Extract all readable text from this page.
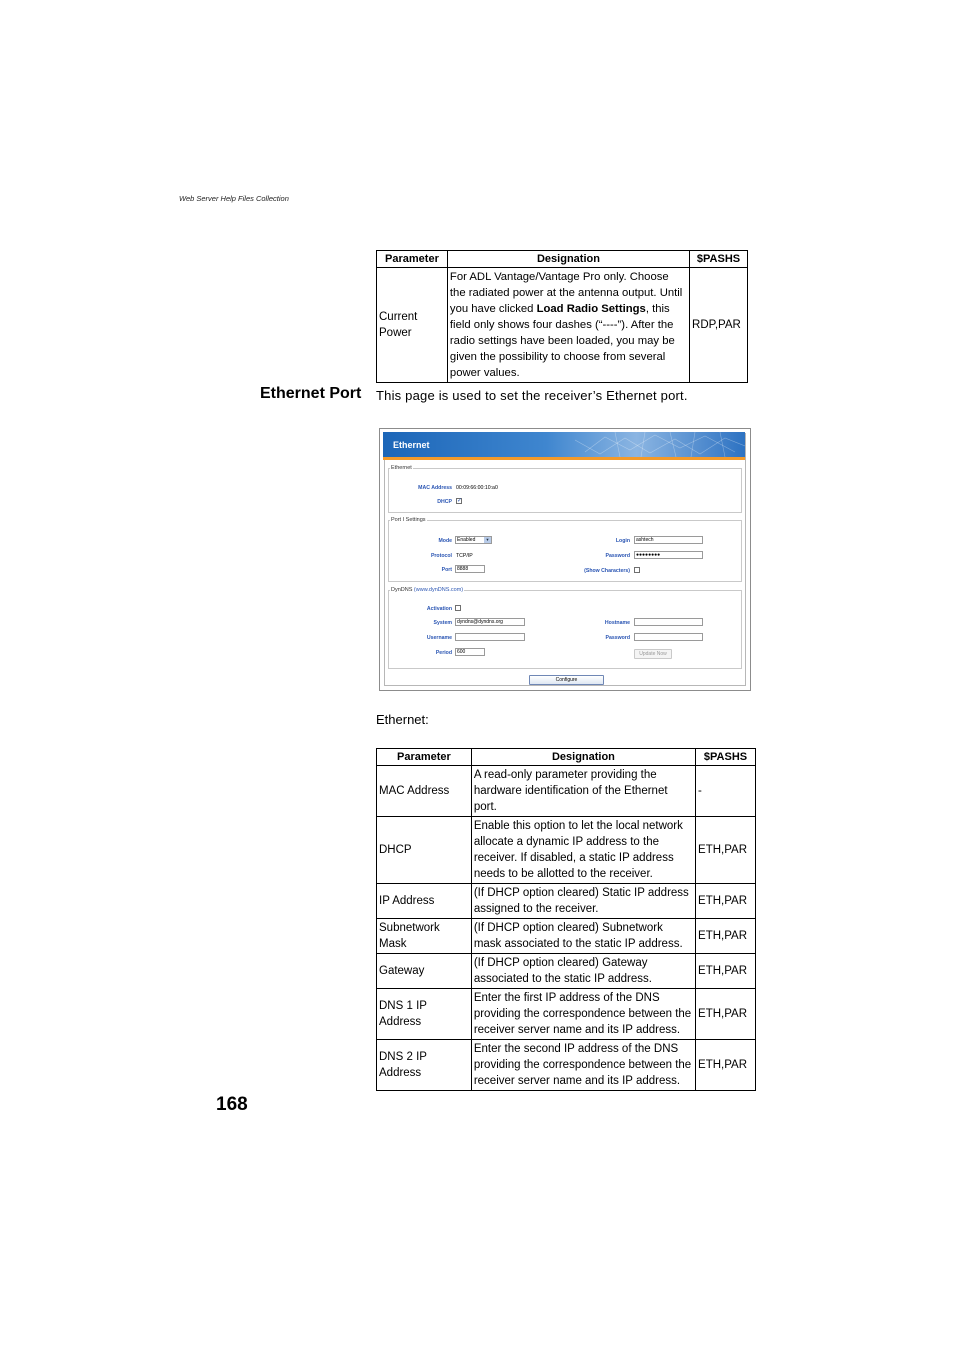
Web Server Help Files Collection
Parameter	Designation	$PASHS
Current Power	For ADL Vantage/Vantage Pro only. Choose the radiated power at the antenna output. Until you have clicked Load Radio Settings, this field only shows four dashes (“----”). After the radio settings have been loaded, you may be given the possibility to choose from several power values.	RDP,PAR
Ethernet Port This page is used to set the receiver’s Ethernet port.

Ethernet
Ethernet
MAC Address 00:09:66:00:10:a0
DHCP ✓
Port I Settings
Mode	Enabled	▼
Protocol TCP/IP
Port	8888
Login	ashtech
Password	●●●●●●●●
(Show Characters)
DynDNS (www.dynDNS.com)
Activation
System	dyndns@dyndns.org
Username
Period	600
Hostname
Password
Update Now
Configure

Ethernet:

Parameter	Designation	$PASHS
MAC Address	A read-only parameter providing the hardware identification of the Ethernet port.	-
DHCP	Enable this option to let the local network allocate a dynamic IP address to the receiver. If disabled, a static IP address needs to be allotted to the receiver.	ETH,PAR
IP Address	(If DHCP option cleared) Static IP address assigned to the receiver.	ETH,PAR
Subnetwork Mask	(If DHCP option cleared) Subnetwork mask associated to the static IP address.	ETH,PAR
Gateway	(If DHCP option cleared) Gateway associated to the static IP address.	ETH,PAR
DNS 1 IP Address	Enter the first IP address of the DNS providing the correspondence between the receiver server name and its IP address.	ETH,PAR
DNS 2 IP Address	Enter the second IP address of the DNS providing the correspondence between the receiver server name and its IP address.	ETH,PAR
168
